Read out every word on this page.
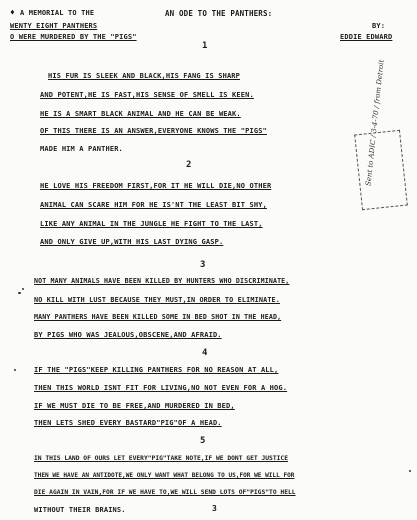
♦ A MEMORIAL TO THE
WENTY EIGHT PANTHERS
O WERE MURDERED BY THE "PIGS"
AN ODE TO THE PANTHERS:
BY:
EDDIE EDWARD
1
HIS FUR IS SLEEK AND BLACK,HIS FANG IS SHARP
AND POTENT,HE IS FAST,HIS SENSE OF SMELL IS KEEN.
HE IS A SMART BLACK ANIMAL AND HE CAN BE WEAK.
OF THIS THERE IS AN ANSWER,EVERYONE KNOWS THE "PIGS"
MADE HIM A PANTHER.
2
HE LOVE HIS FREEDOM FIRST,FOR IT HE WILL DIE,NO OTHER
ANIMAL CAN SCARE HIM FOR HE IS'NT THE LEAST BIT SHY,
LIKE ANY ANIMAL IN THE JUNGLE HE FIGHT TO THE LAST,
AND ONLY GIVE UP,WITH HIS LAST DYING GASP.
3
NOT MANY ANIMALS HAVE BEEN KILLED BY HUNTERS WHO DISCRIMINATE,
NO KILL WITH LUST BECAUSE THEY MUST,IN ORDER TO ELIMINATE.
MANY PANTHERS HAVE BEEN KILLED SOME IN BED SHOT IN THE HEAD,
BY PIGS WHO WAS JEALOUS,OBSCENE,AND AFRAID.
4
IF THE "PIGS"KEEP KILLING PANTHERS FOR NO REASON AT ALL,
THEN THIS WORLD ISNT FIT FOR LIVING,NO NOT EVEN FOR A HOG.
IF WE MUST DIE TO BE FREE,AND MURDERED IN BED,
THEN LETS SHED EVERY BASTARD"PIG"OF A HEAD.
5
IN THIS LAND OF OURS LET EVERY"PIG"TAKE NOTE,IF WE DONT GET JUSTICE
THEN WE HAVE AN ANTIDOTE,WE ONLY WANT WHAT BELONG TO US,FOR WE WILL FOR
DIE AGAIN IN VAIN,FOR IF WE HAVE TO,WE WILL SEND LOTS OF"PIGS"TO HELL
WITHOUT THEIR BRAINS.	3
Sent to ADIC / 3-4-70 / from Detroit
